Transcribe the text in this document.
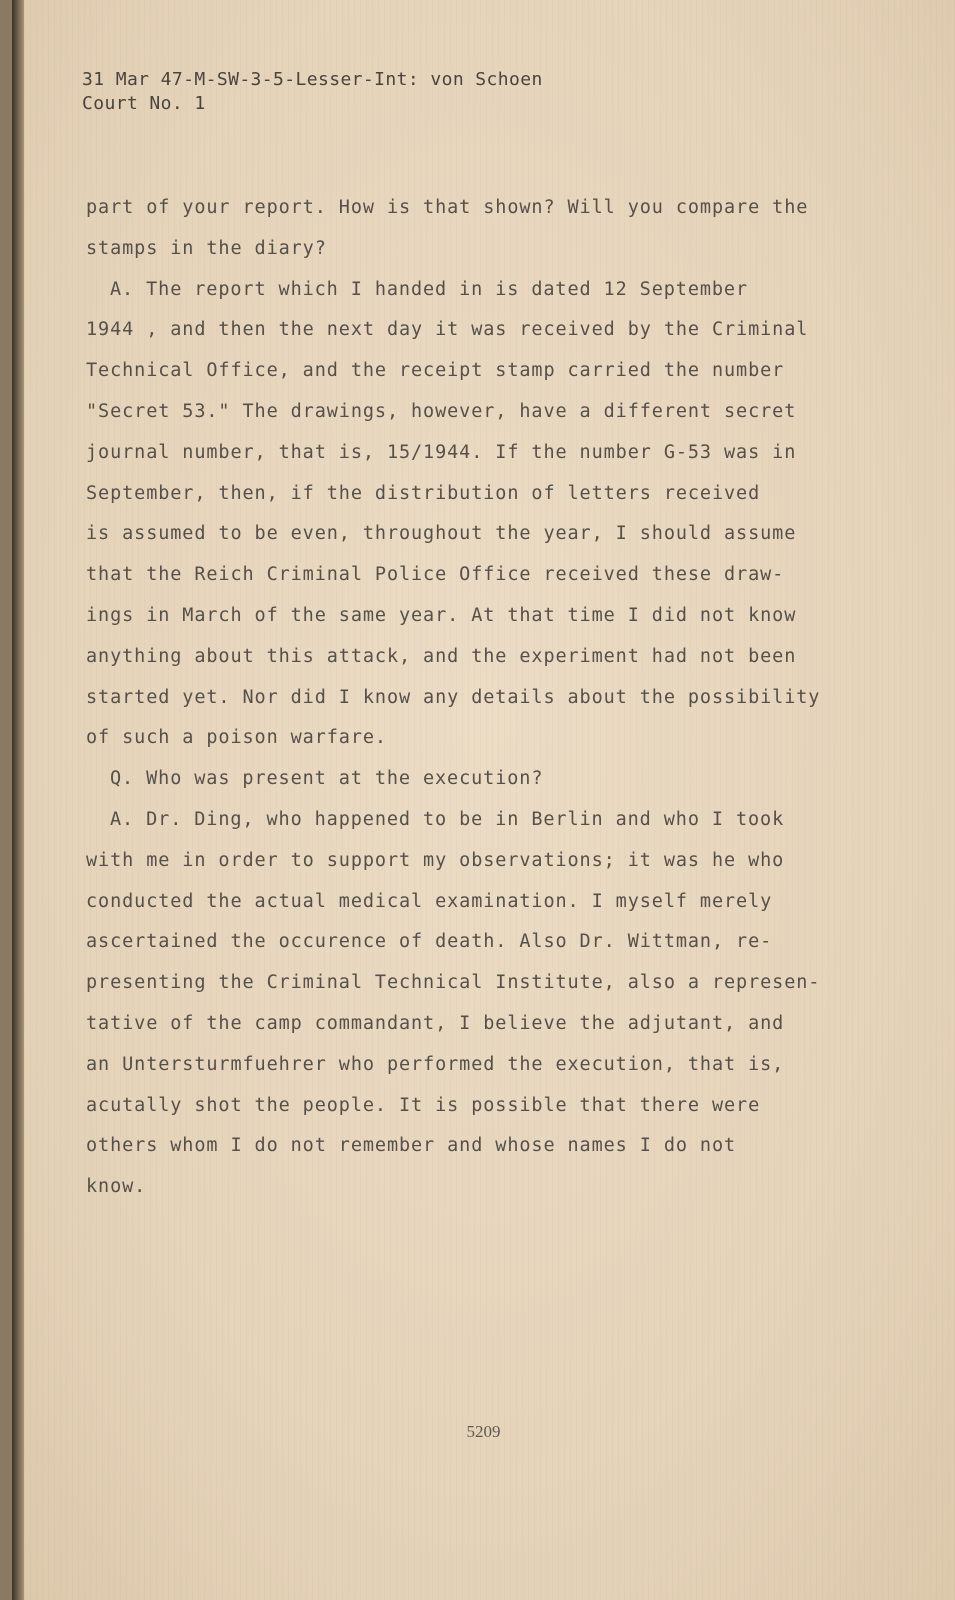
31 Mar 47-M-SW-3-5-Lesser-Int: von Schoen
Court No. 1
part of your report. How is that shown? Will you compare the
stamps in the diary?
A. The report which I handed in is dated 12 September
1944 , and then the next day it was received by the Criminal
Technical Office, and the receipt stamp carried the number
"Secret 53." The drawings, however, have a different secret
journal number, that is, 15/1944. If the number G-53 was in
September, then, if the distribution of letters received
is assumed to be even, throughout the year, I should assume
that the Reich Criminal Police Office received these draw-
ings in March of the same year. At that time I did not know
anything about this attack, and the experiment had not been
started yet. Nor did I know any details about the possibility
of such a poison warfare.
Q. Who was present at the execution?
A. Dr. Ding, who happened to be in Berlin and who I took
with me in order to support my observations; it was he who
conducted the actual medical examination. I myself merely
ascertained the occurence of death. Also Dr. Wittman, re-
presenting the Criminal Technical Institute, also a represen-
tative of the camp commandant, I believe the adjutant, and
an Untersturmfuehrer who performed the execution, that is,
acutally shot the people. It is possible that there were
others whom I do not remember and whose names I do not
know.
5209
